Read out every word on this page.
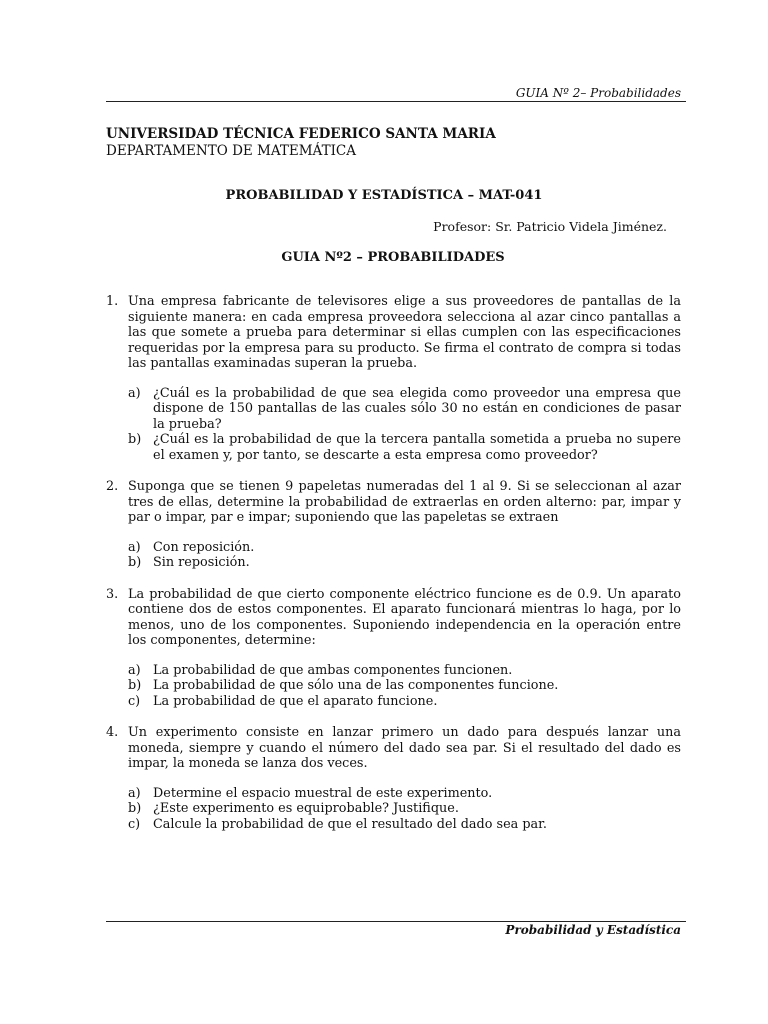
GUIA Nº 2– Probabilidades
UNIVERSIDAD TÉCNICA FEDERICO SANTA MARIA
DEPARTAMENTO DE MATEMÁTICA
PROBABILIDAD Y ESTADÍSTICA – MAT-041
Profesor: Sr. Patricio Videla Jiménez.
GUIA Nº2 – PROBABILIDADES
1. Una empresa fabricante de televisores elige a sus proveedores de pantallas de la siguiente manera: en cada empresa proveedora selecciona al azar cinco pantallas a las que somete a prueba para determinar si ellas cumplen con las especificaciones requeridas por la empresa para su producto. Se firma el contrato de compra si todas las pantallas examinadas superan la prueba.
a) ¿Cuál es la probabilidad de que sea elegida como proveedor una empresa que dispone de 150 pantallas de las cuales sólo 30 no están en condiciones de pasar la prueba?
b) ¿Cuál es la probabilidad de que la tercera pantalla sometida a prueba no supere el examen y, por tanto, se descarte a esta empresa como proveedor?
2. Suponga que se tienen 9 papeletas numeradas del 1 al 9. Si se seleccionan al azar tres de ellas, determine la probabilidad de extraerlas en orden alterno: par, impar y par o impar, par e impar; suponiendo que las papeletas se extraen
a) Con reposición.
b) Sin reposición.
3. La probabilidad de que cierto componente eléctrico funcione es de 0.9. Un aparato contiene dos de estos componentes. El aparato funcionará mientras lo haga, por lo menos, uno de los componentes. Suponiendo independencia en la operación entre los componentes, determine:
a) La probabilidad de que ambas componentes funcionen.
b) La probabilidad de que sólo una de las componentes funcione.
c) La probabilidad de que el aparato funcione.
4. Un experimento consiste en lanzar primero un dado para después lanzar una moneda, siempre y cuando el número del dado sea par. Si el resultado del dado es impar, la moneda se lanza dos veces.
a) Determine el espacio muestral de este experimento.
b) ¿Este experimento es equiprobable? Justifique.
c) Calcule la probabilidad de que el resultado del dado sea par.
Probabilidad y Estadística
